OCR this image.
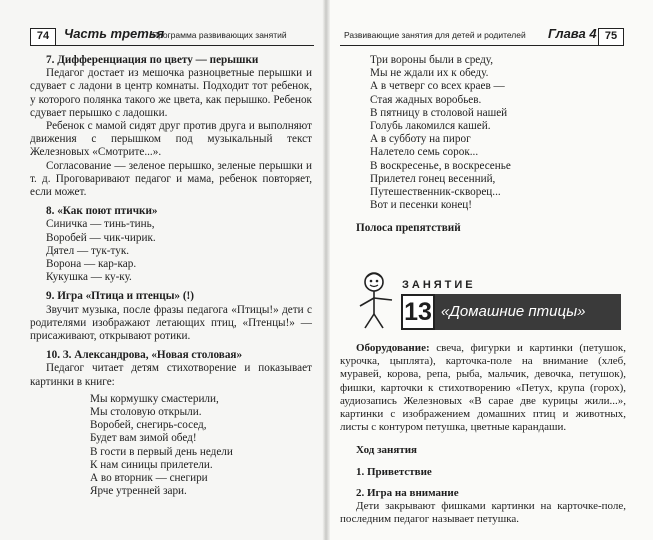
74	Часть третья
Программа развивающих занятий
7. Дифференциация по цвету — перышки

Педагог достает из мешочка разноцветные перышки и сдувает с ладони в центр комнаты. Подходит тот ребенок, у которого полянка такого же цвета, как перышко. Ребенок сдувает перышко с ладошки.

Ребенок с мамой сидят друг против друга и выполняют движения с перышком под музыкальный текст Железновых «Смотрите...».

Согласование — зеленое перышко, зеленые перышки и т. д. Проговаривают педагог и мама, ребенок повторяет, если может.

8. «Как поют птички»
Синичка — тинь-тинь,
Воробей — чик-чирик.
Дятел — тук-тук.
Ворона — кар-кар.
Кукушка — ку-ку.
9. Игра «Птица и птенцы» (!)

Звучит музыка, после фразы педагога «Птицы!» дети с родителями изображают летающих птиц, «Птенцы!» — присаживают, открывают ротики.

10. З. Александрова, «Новая столовая»

Педагог читает детям стихотворение и показывает картинки в книге:

Мы кормушку смастерили,
Мы столовую открыли.
Воробей, снегирь-сосед,
Будет вам зимой обед!
В гости в первый день недели
К нам синицы прилетели.
А во вторник — снегири
Ярче утренней зари.
Развивающие занятия для детей и родителей Глава 4 75
Три вороны были в среду,
Мы не ждали их к обеду.
А в четверг со всех краев —
Стая жадных воробьев.
В пятницу в столовой нашей
Голубь лакомился кашей.
А в субботу на пирог
Налетело семь сорок...
В воскресенье, в воскресенье
Прилетел гонец весенний,
Путешественник-скворец...
Вот и песенки конец!
Полоса препятствий
ЗАНЯТИЕ
13 «Домашние птицы»

Оборудование: свеча, фигурки и картинки (петушок, курочка, цыплята), карточка-поле на внимание (хлеб, муравей, корова, репа, рыба, мальчик, девочка, петушок), фишки, карточки к стихотворению «Петух, крупа (горох), аудиозапись Железновых «В сарае две курицы жили...», картинки с изображением домашних птиц и животных, листы с контуром петушка, цветные карандаши.

Ход занятия
1. Приветствие
2. Игра на внимание

Дети закрывают фишками картинки на карточке-поле, последним педагог называет петушка.
